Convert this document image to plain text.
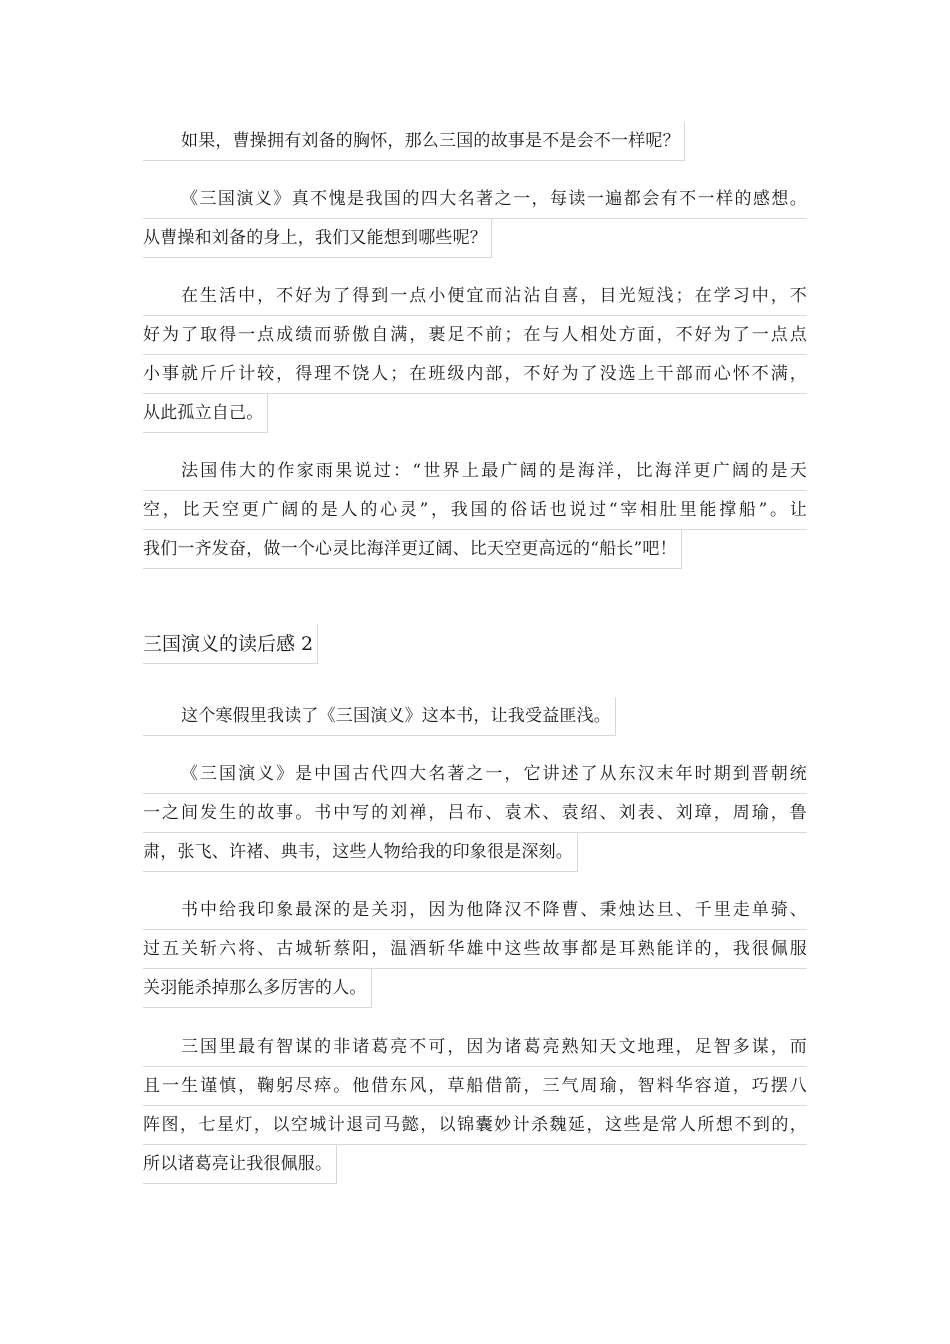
如果，曹操拥有刘备的胸怀，那么三国的故事是不是会不一样呢？
《三国演义》真不愧是我国的四大名著之一，每读一遍都会有不一样的感想。
从曹操和刘备的身上，我们又能想到哪些呢？
在生活中，不好为了得到一点小便宜而沾沾自喜，目光短浅；在学习中，不
好为了取得一点成绩而骄傲自满，裹足不前；在与人相处方面，不好为了一点点
小事就斤斤计较，得理不饶人；在班级内部，不好为了没选上干部而心怀不满，
从此孤立自己。
法国伟大的作家雨果说过：“世界上最广阔的是海洋，比海洋更广阔的是天
空，比天空更广阔的是人的心灵”，我国的俗话也说过“宰相肚里能撑船”。让
我们一齐发奋，做一个心灵比海洋更辽阔、比天空更高远的“船长”吧！
三国演义的读后感 2
这个寒假里我读了《三国演义》这本书，让我受益匪浅。
《三国演义》是中国古代四大名著之一，它讲述了从东汉末年时期到晋朝统
一之间发生的故事。书中写的刘禅，吕布、袁术、袁绍、刘表、刘璋，周瑜，鲁
肃，张飞、许褚、典韦，这些人物给我的印象很是深刻。
书中给我印象最深的是关羽，因为他降汉不降曹、秉烛达旦、千里走单骑、
过五关斩六将、古城斩蔡阳，温酒斩华雄中这些故事都是耳熟能详的，我很佩服
关羽能杀掉那么多厉害的人。
三国里最有智谋的非诸葛亮不可，因为诸葛亮熟知天文地理，足智多谋，而
且一生谨慎，鞠躬尽瘁。他借东风，草船借箭，三气周瑜，智料华容道，巧摆八
阵图，七星灯，以空城计退司马懿，以锦囊妙计杀魏延，这些是常人所想不到的，
所以诸葛亮让我很佩服。
